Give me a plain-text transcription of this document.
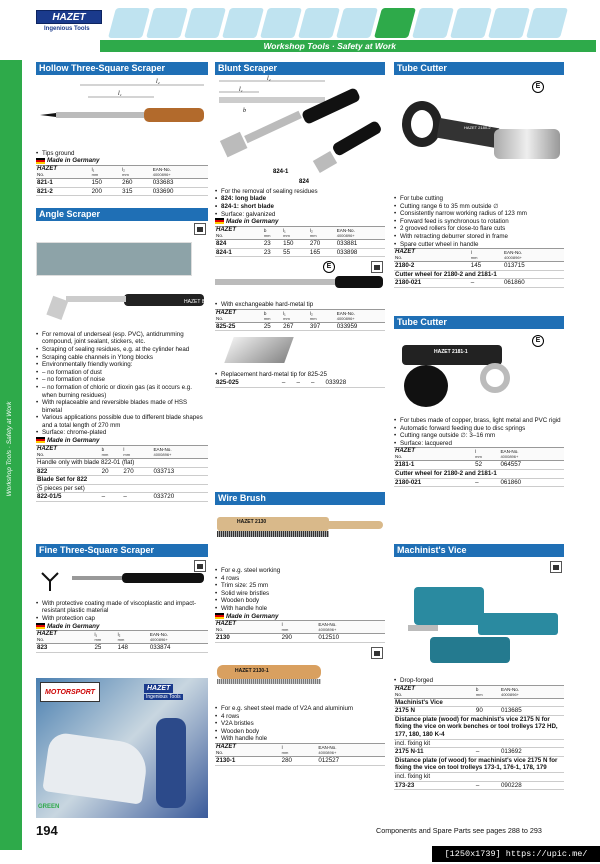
HAZET
Ingenious Tools
Workshop Tools · Safety at Work
Workshop Tools · Safety at Work
Hollow Three-Square Scraper
l₂
l₁
• Tips ground
Made in Germany
HAZET
No.	l₁
mm	l₂
mm	EAN-No.
4000896+

821-1	150	260	033683
821-2	200	315	033690
Angle Scraper
HAZET 822
• For removal of underseal (esp. PVC), antidrumming compound, joint sealant, stickers, etc.
• Scraping of sealing residues, e.g. at the cylinder head
• Scraping cable channels in Ytong blocks
• Environmentally friendly working:
• – no formation of dust
• – no formation of noise
• – no formation of chloric or dioxin gas (as it occurs e.g. when burning residues)
• With replaceable and reversible blades made of HSS bimetal
• Various applications possible due to different blade shapes and a total length of 270 mm
• Surface: chrome-plated
Made in Germany
HAZET
No.	b
mm	l
mm	EAN-No.
4000896+

Handle only with blade 822-01 (flat)			
822	20	270	033713
Blade Set for 822			
(5 pieces per set)			
822-01/5	–	–	033720
Fine Three-Square Scraper
• With protective coating made of viscoplastic and impact-resistant plastic material
• With protection cap
Made in Germany
HAZET
No.	l₁
mm	l₂
mm	EAN-No.
4000896+

823	25	148	033874
MOTORSPORT
HAZET Ingenious Tools
GREEN
Blunt Scraper
l₂
l₁
b
824-1
824
• For the removal of sealing residues
• 824: long blade
• 824-1: short blade
• Surface: galvanized
Made in Germany
HAZET
No.	b
mm	l₁
mm	l₂
mm	EAN-No.
4000896+

824	23	150	270	033881
824-1	23	55	165	033898
E
• With exchangeable hard-metal tip
HAZET
No.	b
mm	l₁
mm	l₂
mm	EAN-No.
4000896+

825-25	25	267	397	033959
• Replacement hard-metal tip for 825-25
825-025	–	–	–	033928
Wire Brush
HAZET 2130
• For e.g. steel working
• 4 rows
• Trim size: 25 mm
• Solid wire bristles
• Wooden body
• With handle hole
Made in Germany
HAZET
No.	l
mm	EAN-No.
4000896+

2130	290	012510
HAZET 2130-1
• For e.g. sheet steel made of V2A and aluminium
• 4 rows
• V2A bristles
• Wooden body
• With handle hole
HAZET
No.	l
mm	EAN-No.
4000896+

2130-1	280	012527
Tube Cutter
E
HAZET 2180-2
• For tube cutting
• Cutting range 6 to 35 mm outside ∅
• Consistently narrow working radius of 123 mm
• Forward feed is synchronous to rotation
• 2 grooved rollers for close-to flare cuts
• With retracting deburrer stored in frame
• Spare cutter wheel in handle
HAZET
No.	l
mm	EAN-No.
4000896+

2180-2	145	013715
Cutter wheel for 2180-2 and 2181-1		
2180-021	–	061860
Tube Cutter
E
HAZET 2181-1
• For tubes made of copper, brass, light metal and PVC rigid
• Automatic forward feeding due to disc springs
• Cutting range outside ∅: 3–16 mm
• Surface: lacquered
HAZET
No.	l
mm	EAN-No.
4000896+

2181-1	52	064557
Cutter wheel for 2180-2 and 2181-1		
2180-021	–	061860
Machinist's Vice
• Drop-forged
HAZET
No.	b
mm	EAN-No.
4000896+

Machinist's Vice		
2175 N	90	013685
Distance plate (wood) for machinist's vice 2175 N for fixing the vice on work benches or tool trolleys 172 HD, 177, 180, 180 K-4		
incl. fixing kit		
2175 N-11	–	013692
Distance plate (of wood) for machinist's vice 2175 N for fixing the vice on tool trolleys 173-1, 176-1, 178, 179		
incl. fixing kit		
173-23	–	090228
194	Components and Spare Parts see pages 288 to 293
[1250x1739] https://upic.me/
